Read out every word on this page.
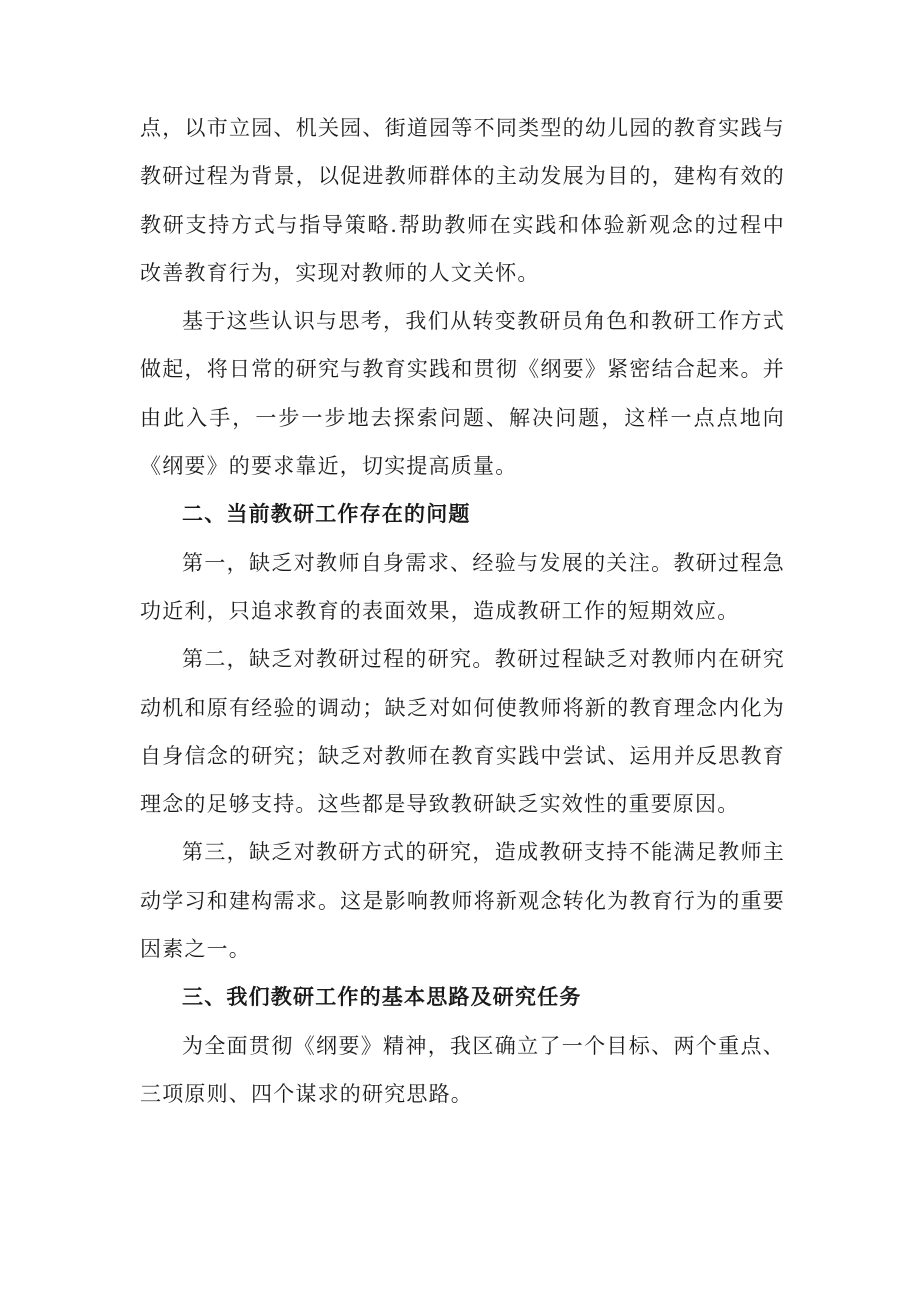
点，以市立园、机关园、街道园等不同类型的幼儿园的教育实践与教研过程为背景，以促进教师群体的主动发展为目的，建构有效的教研支持方式与指导策略.帮助教师在实践和体验新观念的过程中改善教育行为，实现对教师的人文关怀。

基于这些认识与思考，我们从转变教研员角色和教研工作方式做起，将日常的研究与教育实践和贯彻《纲要》紧密结合起来。并由此入手，一步一步地去探索问题、解决问题，这样一点点地向《纲要》的要求靠近，切实提高质量。

二、当前教研工作存在的问题

第一，缺乏对教师自身需求、经验与发展的关注。教研过程急功近利，只追求教育的表面效果，造成教研工作的短期效应。

第二，缺乏对教研过程的研究。教研过程缺乏对教师内在研究动机和原有经验的调动；缺乏对如何使教师将新的教育理念内化为自身信念的研究；缺乏对教师在教育实践中尝试、运用并反思教育理念的足够支持。这些都是导致教研缺乏实效性的重要原因。

第三，缺乏对教研方式的研究，造成教研支持不能满足教师主动学习和建构需求。这是影响教师将新观念转化为教育行为的重要因素之一。

三、我们教研工作的基本思路及研究任务

为全面贯彻《纲要》精神，我区确立了一个目标、两个重点、三项原则、四个谋求的研究思路。
